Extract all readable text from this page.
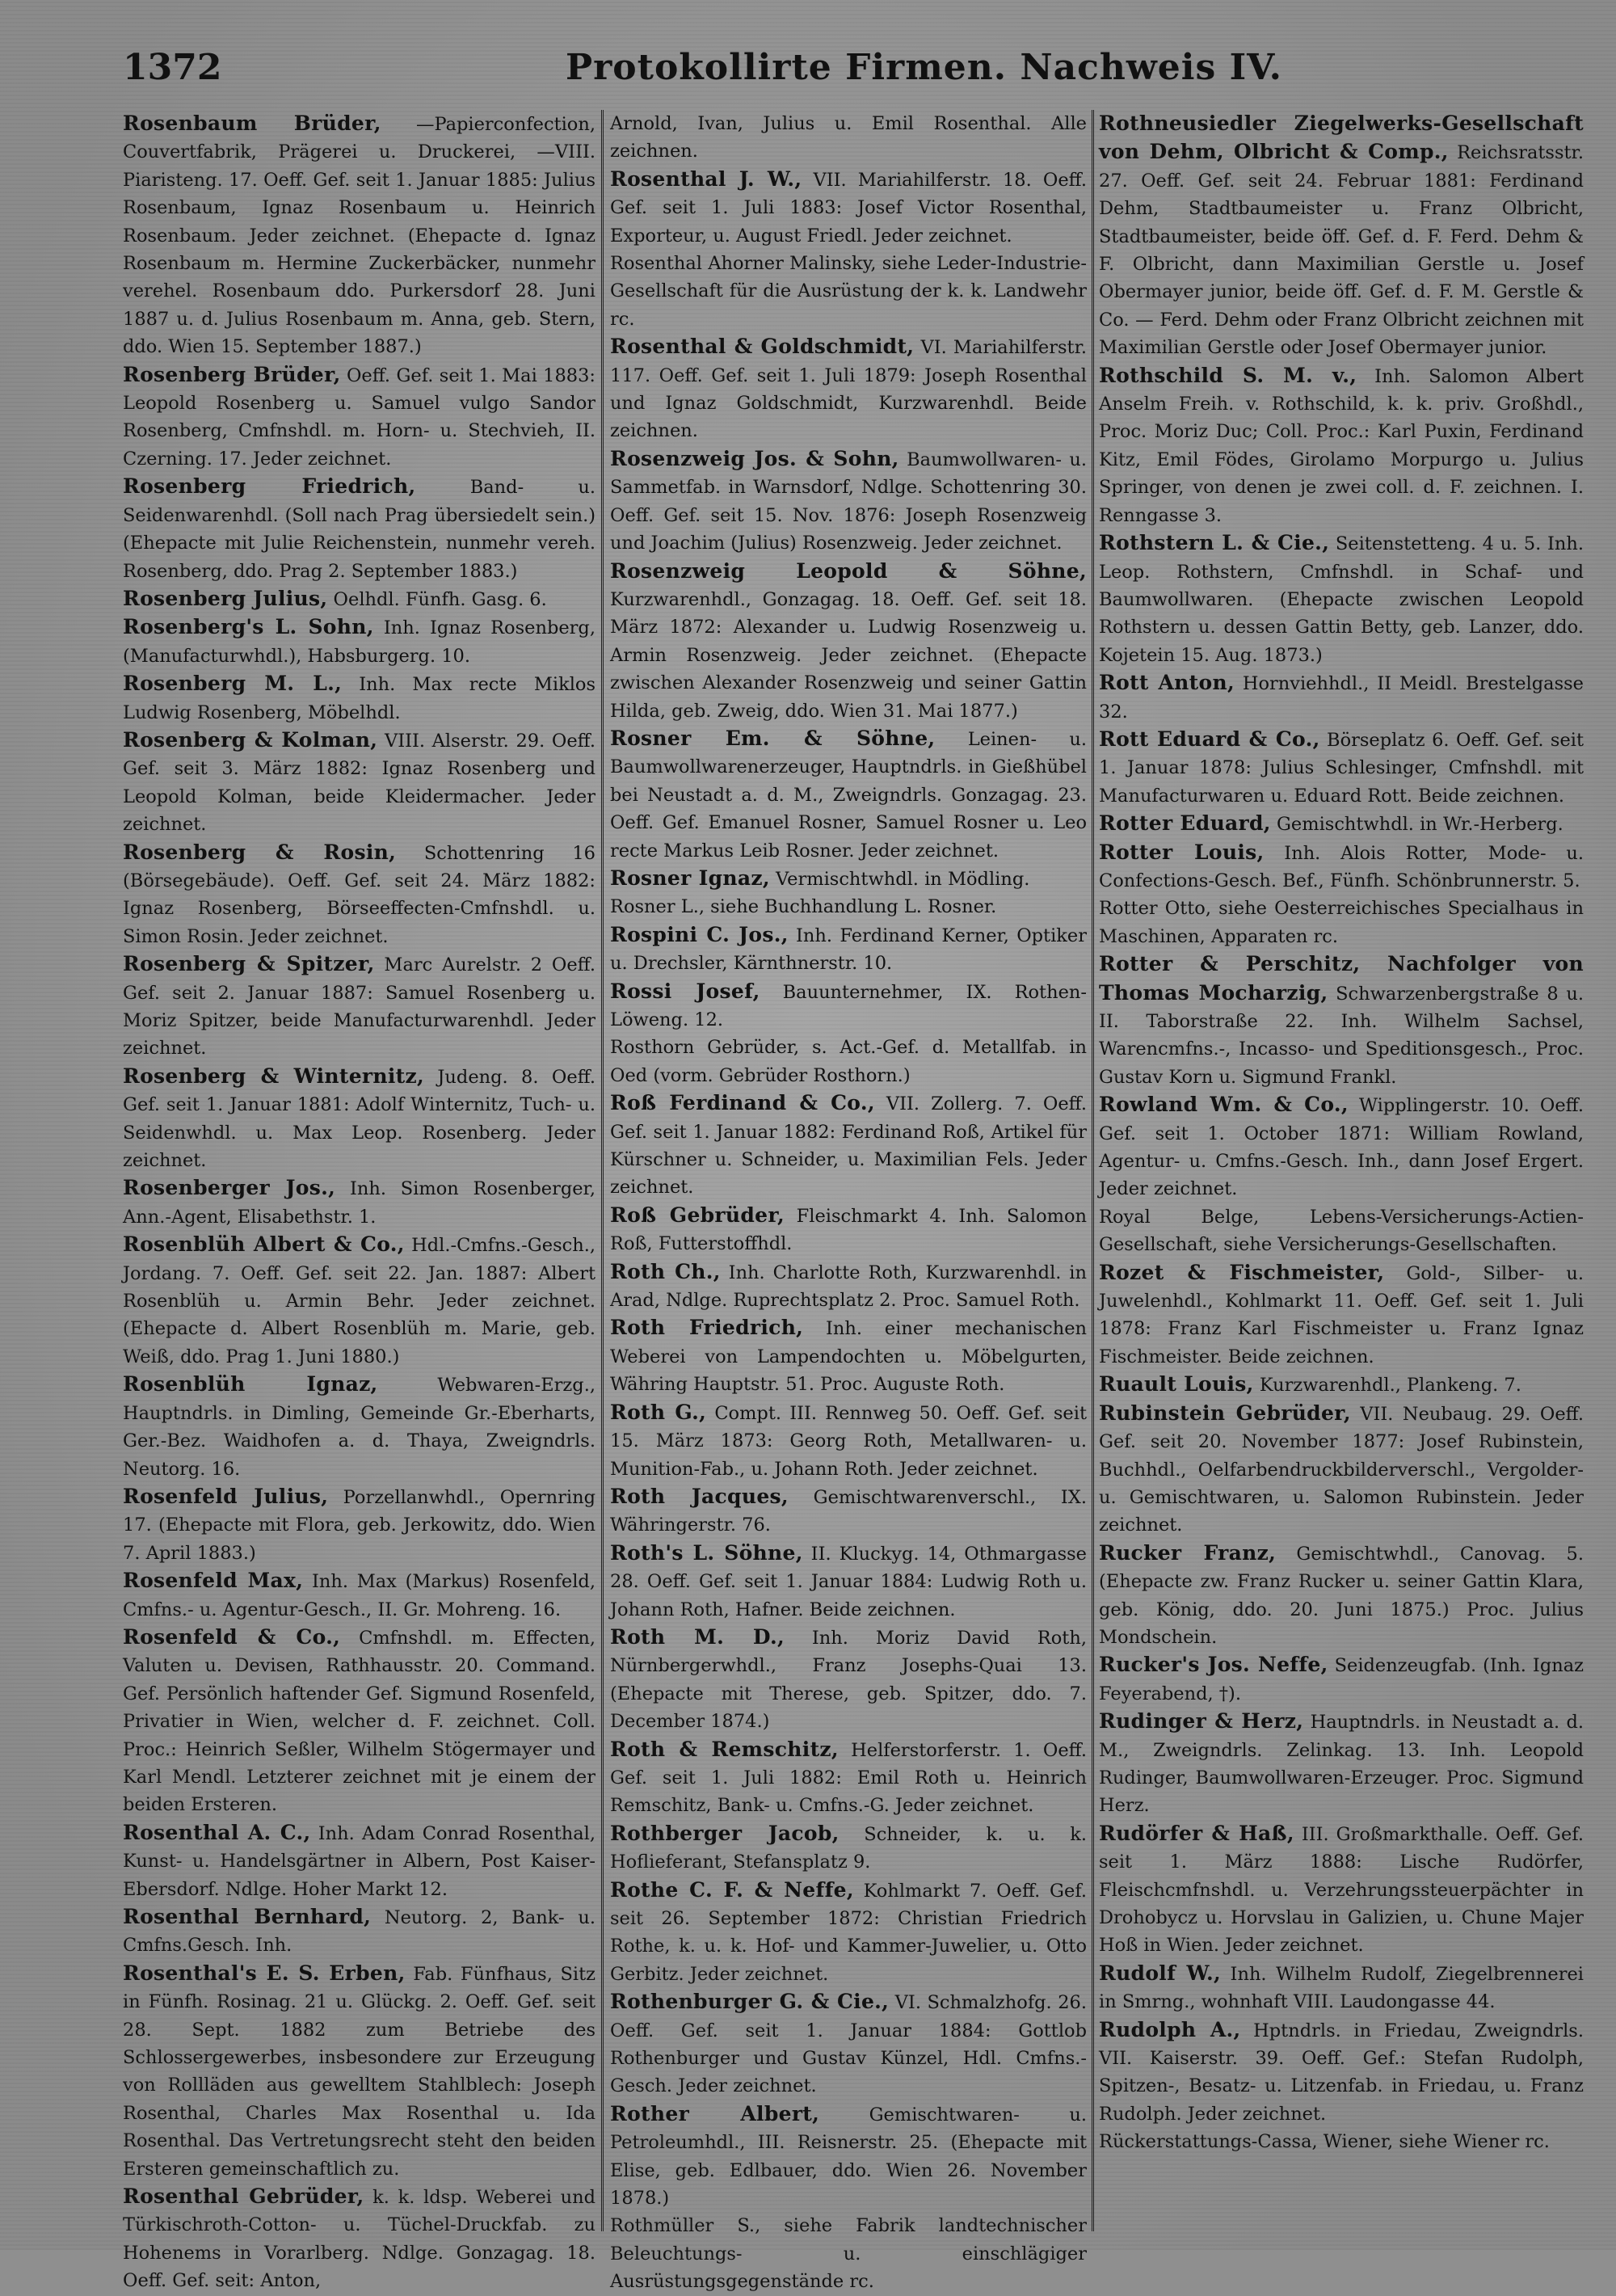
1372	Protokollirte Firmen. Nachweis IV.

Rosenbaum Brüder, —Papierconfection, Couvertfabrik, Prägerei u. Druckerei, —VIII. Piaristeng. 17. Oeff. Gef. seit 1. Januar 1885: Julius Rosenbaum, Ignaz Rosenbaum u. Heinrich Rosenbaum. Jeder zeichnet. (Ehepacte d. Ignaz Rosenbaum m. Hermine Zuckerbäcker, nunmehr verehel. Rosenbaum ddo. Purkersdorf 28. Juni 1887 u. d. Julius Rosenbaum m. Anna, geb. Stern, ddo. Wien 15. September 1887.)

Rosenberg Brüder, Oeff. Gef. seit 1. Mai 1883: Leopold Rosenberg u. Samuel vulgo Sandor Rosenberg, Cmfnshdl. m. Horn- u. Stechvieh, II. Czerning. 17. Jeder zeichnet.

Rosenberg Friedrich, Band- u. Seidenwarenhdl. (Soll nach Prag übersiedelt sein.) (Ehepacte mit Julie Reichenstein, nunmehr vereh. Rosenberg, ddo. Prag 2. September 1883.)

Rosenberg Julius, Oelhdl. Fünfh. Gasg. 6.

Rosenberg's L. Sohn, Inh. Ignaz Rosenberg, (Manufacturwhdl.), Habsburgerg. 10.

Rosenberg M. L., Inh. Max recte Miklos Ludwig Rosenberg, Möbelhdl.

Rosenberg & Kolman, VIII. Alserstr. 29. Oeff. Gef. seit 3. März 1882: Ignaz Rosenberg und Leopold Kolman, beide Kleidermacher. Jeder zeichnet.

Rosenberg & Rosin, Schottenring 16 (Börsegebäude). Oeff. Gef. seit 24. März 1882: Ignaz Rosenberg, Börseeffecten-Cmfnshdl. u. Simon Rosin. Jeder zeichnet.

Rosenberg & Spitzer, Marc Aurelstr. 2 Oeff. Gef. seit 2. Januar 1887: Samuel Rosenberg u. Moriz Spitzer, beide Manufacturwarenhdl. Jeder zeichnet.

Rosenberg & Winternitz, Judeng. 8. Oeff. Gef. seit 1. Januar 1881: Adolf Winternitz, Tuch- u. Seidenwhdl. u. Max Leop. Rosenberg. Jeder zeichnet.

Rosenberger Jos., Inh. Simon Rosenberger, Ann.-Agent, Elisabethstr. 1.

Rosenblüh Albert & Co., Hdl.-Cmfns.-Gesch., Jordang. 7. Oeff. Gef. seit 22. Jan. 1887: Albert Rosenblüh u. Armin Behr. Jeder zeichnet. (Ehepacte d. Albert Rosenblüh m. Marie, geb. Weiß, ddo. Prag 1. Juni 1880.)

Rosenblüh Ignaz, Webwaren-Erzg., Hauptndrls. in Dimling, Gemeinde Gr.-Eberharts, Ger.-Bez. Waidhofen a. d. Thaya, Zweigndrls. Neutorg. 16.

Rosenfeld Julius, Porzellanwhdl., Opernring 17. (Ehepacte mit Flora, geb. Jerkowitz, ddo. Wien 7. April 1883.)

Rosenfeld Max, Inh. Max (Markus) Rosenfeld, Cmfns.- u. Agentur-Gesch., II. Gr. Mohreng. 16.

Rosenfeld & Co., Cmfnshdl. m. Effecten, Valuten u. Devisen, Rathhausstr. 20. Command. Gef. Persönlich haftender Gef. Sigmund Rosenfeld, Privatier in Wien, welcher d. F. zeichnet. Coll. Proc.: Heinrich Seßler, Wilhelm Stögermayer und Karl Mendl. Letzterer zeichnet mit je einem der beiden Ersteren.

Rosenthal A. C., Inh. Adam Conrad Rosenthal, Kunst- u. Handelsgärtner in Albern, Post Kaiser-Ebersdorf. Ndlge. Hoher Markt 12.

Rosenthal Bernhard, Neutorg. 2, Bank- u. Cmfns.Gesch. Inh.

Rosenthal's E. S. Erben, Fab. Fünfhaus, Sitz in Fünfh. Rosinag. 21 u. Glückg. 2. Oeff. Gef. seit 28. Sept. 1882 zum Betriebe des Schlossergewerbes, insbesondere zur Erzeugung von Rollläden aus gewelltem Stahlblech: Joseph Rosenthal, Charles Max Rosenthal u. Ida Rosenthal. Das Vertretungsrecht steht den beiden Ersteren gemeinschaftlich zu.

Rosenthal Gebrüder, k. k. ldsp. Weberei und Türkischroth-Cotton- u. Tüchel-Druckfab. zu Hohenems in Vorarlberg. Ndlge. Gonzagag. 18. Oeff. Gef. seit: Anton,

Arnold, Ivan, Julius u. Emil Rosenthal. Alle zeichnen.

Rosenthal J. W., VII. Mariahilferstr. 18. Oeff. Gef. seit 1. Juli 1883: Josef Victor Rosenthal, Exporteur, u. August Friedl. Jeder zeichnet.

Rosenthal Ahorner Malinsky, siehe Leder-Industrie-Gesellschaft für die Ausrüstung der k. k. Landwehr rc.

Rosenthal & Goldschmidt, VI. Mariahilferstr. 117. Oeff. Gef. seit 1. Juli 1879: Joseph Rosenthal und Ignaz Goldschmidt, Kurzwarenhdl. Beide zeichnen.

Rosenzweig Jos. & Sohn, Baumwollwaren- u. Sammetfab. in Warnsdorf, Ndlge. Schottenring 30. Oeff. Gef. seit 15. Nov. 1876: Joseph Rosenzweig und Joachim (Julius) Rosenzweig. Jeder zeichnet.

Rosenzweig Leopold & Söhne, Kurzwarenhdl., Gonzagag. 18. Oeff. Gef. seit 18. März 1872: Alexander u. Ludwig Rosenzweig u. Armin Rosenzweig. Jeder zeichnet. (Ehepacte zwischen Alexander Rosenzweig und seiner Gattin Hilda, geb. Zweig, ddo. Wien 31. Mai 1877.)

Rosner Em. & Söhne, Leinen- u. Baumwollwarenerzeuger, Hauptndrls. in Gießhübel bei Neustadt a. d. M., Zweigndrls. Gonzagag. 23. Oeff. Gef. Emanuel Rosner, Samuel Rosner u. Leo recte Markus Leib Rosner. Jeder zeichnet.

Rosner Ignaz, Vermischtwhdl. in Mödling.

Rosner L., siehe Buchhandlung L. Rosner.

Rospini C. Jos., Inh. Ferdinand Kerner, Optiker u. Drechsler, Kärnthnerstr. 10.

Rossi Josef, Bauunternehmer, IX. Rothen-Löweng. 12.

Rosthorn Gebrüder, s. Act.-Gef. d. Metallfab. in Oed (vorm. Gebrüder Rosthorn.)

Roß Ferdinand & Co., VII. Zollerg. 7. Oeff. Gef. seit 1. Januar 1882: Ferdinand Roß, Artikel für Kürschner u. Schneider, u. Maximilian Fels. Jeder zeichnet.

Roß Gebrüder, Fleischmarkt 4. Inh. Salomon Roß, Futterstoffhdl.

Roth Ch., Inh. Charlotte Roth, Kurzwarenhdl. in Arad, Ndlge. Ruprechtsplatz 2. Proc. Samuel Roth.

Roth Friedrich, Inh. einer mechanischen Weberei von Lampendochten u. Möbelgurten, Währing Hauptstr. 51. Proc. Auguste Roth.

Roth G., Compt. III. Rennweg 50. Oeff. Gef. seit 15. März 1873: Georg Roth, Metallwaren- u. Munition-Fab., u. Johann Roth. Jeder zeichnet.

Roth Jacques, Gemischtwarenverschl., IX. Währingerstr. 76.

Roth's L. Söhne, II. Kluckyg. 14, Othmargasse 28. Oeff. Gef. seit 1. Januar 1884: Ludwig Roth u. Johann Roth, Hafner. Beide zeichnen.

Roth M. D., Inh. Moriz David Roth, Nürnbergerwhdl., Franz Josephs-Quai 13. (Ehepacte mit Therese, geb. Spitzer, ddo. 7. December 1874.)

Roth & Remschitz, Helferstorferstr. 1. Oeff. Gef. seit 1. Juli 1882: Emil Roth u. Heinrich Remschitz, Bank- u. Cmfns.-G. Jeder zeichnet.

Rothberger Jacob, Schneider, k. u. k. Hoflieferant, Stefansplatz 9.

Rothe C. F. & Neffe, Kohlmarkt 7. Oeff. Gef. seit 26. September 1872: Christian Friedrich Rothe, k. u. k. Hof- und Kammer-Juwelier, u. Otto Gerbitz. Jeder zeichnet.

Rothenburger G. & Cie., VI. Schmalzhofg. 26. Oeff. Gef. seit 1. Januar 1884: Gottlob Rothenburger und Gustav Künzel, Hdl. Cmfns.-Gesch. Jeder zeichnet.

Rother Albert, Gemischtwaren- u. Petroleumhdl., III. Reisnerstr. 25. (Ehepacte mit Elise, geb. Edlbauer, ddo. Wien 26. November 1878.)

Rothmüller S., siehe Fabrik landtechnischer Beleuchtungs- u. einschlägiger Ausrüstungsgegenstände rc.

Rothneusiedler Ziegelwerks-Gesellschaft von Dehm, Olbricht & Comp., Reichsratsstr. 27. Oeff. Gef. seit 24. Februar 1881: Ferdinand Dehm, Stadtbaumeister u. Franz Olbricht, Stadtbaumeister, beide öff. Gef. d. F. Ferd. Dehm & F. Olbricht, dann Maximilian Gerstle u. Josef Obermayer junior, beide öff. Gef. d. F. M. Gerstle & Co. — Ferd. Dehm oder Franz Olbricht zeichnen mit Maximilian Gerstle oder Josef Obermayer junior.

Rothschild S. M. v., Inh. Salomon Albert Anselm Freih. v. Rothschild, k. k. priv. Großhdl., Proc. Moriz Duc; Coll. Proc.: Karl Puxin, Ferdinand Kitz, Emil Födes, Girolamo Morpurgo u. Julius Springer, von denen je zwei coll. d. F. zeichnen. I. Renngasse 3.

Rothstern L. & Cie., Seitenstetteng. 4 u. 5. Inh. Leop. Rothstern, Cmfnshdl. in Schaf- und Baumwollwaren. (Ehepacte zwischen Leopold Rothstern u. dessen Gattin Betty, geb. Lanzer, ddo. Kojetein 15. Aug. 1873.)

Rott Anton, Hornviehhdl., II Meidl. Brestelgasse 32.

Rott Eduard & Co., Börseplatz 6. Oeff. Gef. seit 1. Januar 1878: Julius Schlesinger, Cmfnshdl. mit Manufacturwaren u. Eduard Rott. Beide zeichnen.

Rotter Eduard, Gemischtwhdl. in Wr.-Herberg.

Rotter Louis, Inh. Alois Rotter, Mode- u. Confections-Gesch. Bef., Fünfh. Schönbrunnerstr. 5.

Rotter Otto, siehe Oesterreichisches Specialhaus in Maschinen, Apparaten rc.

Rotter & Perschitz, Nachfolger von Thomas Mocharzig, Schwarzenbergstraße 8 u. II. Taborstraße 22. Inh. Wilhelm Sachsel, Warencmfns.-, Incasso- und Speditionsgesch., Proc. Gustav Korn u. Sigmund Frankl.

Rowland Wm. & Co., Wipplingerstr. 10. Oeff. Gef. seit 1. October 1871: William Rowland, Agentur- u. Cmfns.-Gesch. Inh., dann Josef Ergert. Jeder zeichnet.

Royal Belge, Lebens-Versicherungs-Actien-Gesellschaft, siehe Versicherungs-Gesellschaften.

Rozet & Fischmeister, Gold-, Silber- u. Juwelenhdl., Kohlmarkt 11. Oeff. Gef. seit 1. Juli 1878: Franz Karl Fischmeister u. Franz Ignaz Fischmeister. Beide zeichnen.

Ruault Louis, Kurzwarenhdl., Plankeng. 7.

Rubinstein Gebrüder, VII. Neubaug. 29. Oeff. Gef. seit 20. November 1877: Josef Rubinstein, Buchhdl., Oelfarbendruckbilderverschl., Vergolder- u. Gemischtwaren, u. Salomon Rubinstein. Jeder zeichnet.

Rucker Franz, Gemischtwhdl., Canovag. 5. (Ehepacte zw. Franz Rucker u. seiner Gattin Klara, geb. König, ddo. 20. Juni 1875.) Proc. Julius Mondschein.

Rucker's Jos. Neffe, Seidenzeugfab. (Inh. Ignaz Feyerabend, †).

Rudinger & Herz, Hauptndrls. in Neustadt a. d. M., Zweigndrls. Zelinkag. 13. Inh. Leopold Rudinger, Baumwollwaren-Erzeuger. Proc. Sigmund Herz.

Rudörfer & Haß, III. Großmarkthalle. Oeff. Gef. seit 1. März 1888: Lische Rudörfer, Fleischcmfnshdl. u. Verzehrungssteuerpächter in Drohobycz u. Horvslau in Galizien, u. Chune Majer Hoß in Wien. Jeder zeichnet.

Rudolf W., Inh. Wilhelm Rudolf, Ziegelbrennerei in Smrng., wohnhaft VIII. Laudongasse 44.

Rudolph A., Hptndrls. in Friedau, Zweigndrls. VII. Kaiserstr. 39. Oeff. Gef.: Stefan Rudolph, Spitzen-, Besatz- u. Litzenfab. in Friedau, u. Franz Rudolph. Jeder zeichnet.

Rückerstattungs-Cassa, Wiener, siehe Wiener rc.
